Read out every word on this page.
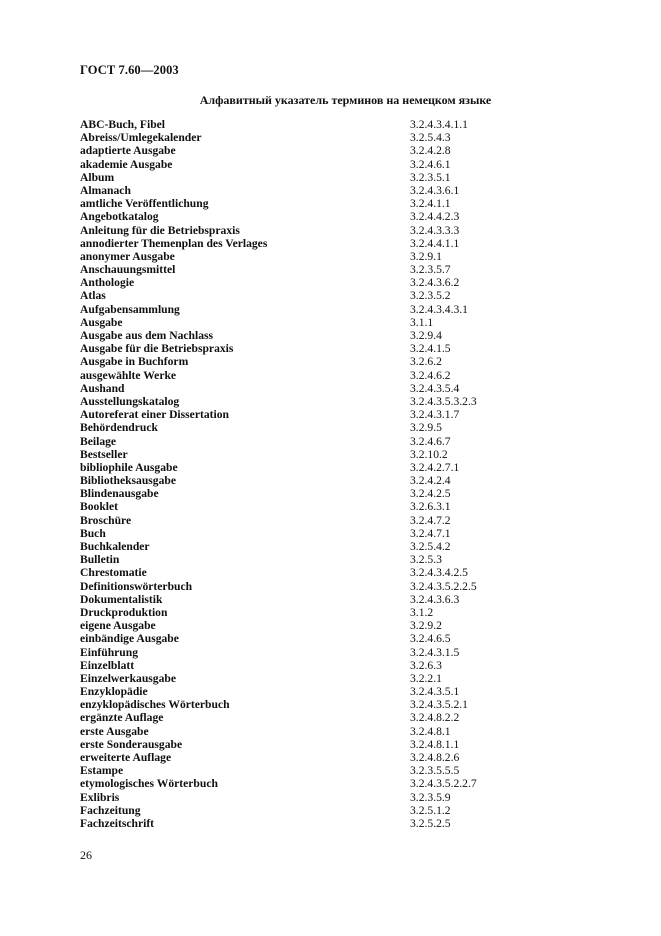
ГОСТ 7.60—2003
Алфавитный указатель терминов на немецком языке
ABC-Buch, Fibel	3.2.4.3.4.1.1
Abreiss/Umlegekalender	3.2.5.4.3
adaptierte Ausgabe	3.2.4.2.8
akademie Ausgabe	3.2.4.6.1
Album	3.2.3.5.1
Almanach	3.2.4.3.6.1
amtliche Veröffentlichung	3.2.4.1.1
Angebotkatalog	3.2.4.4.2.3
Anleitung für die Betriebspraxis	3.2.4.3.3.3
annodierter Themenplan des Verlages	3.2.4.4.1.1
anonymer Ausgabe	3.2.9.1
Anschauungsmittel	3.2.3.5.7
Anthologie	3.2.4.3.6.2
Atlas	3.2.3.5.2
Aufgabensammlung	3.2.4.3.4.3.1
Ausgabe	3.1.1
Ausgabe aus dem Nachlass	3.2.9.4
Ausgabe für die Betriebspraxis	3.2.4.1.5
Ausgabe in Buchform	3.2.6.2
ausgewählte Werke	3.2.4.6.2
Aushand	3.2.4.3.5.4
Ausstellungskatalog	3.2.4.3.5.3.2.3
Autoreferat einer Dissertation	3.2.4.3.1.7
Behördendruck	3.2.9.5
Beilage	3.2.4.6.7
Bestseller	3.2.10.2
bibliophile Ausgabe	3.2.4.2.7.1
Bibliotheksausgabe	3.2.4.2.4
Blindenausgabe	3.2.4.2.5
Booklet	3.2.6.3.1
Broschüre	3.2.4.7.2
Buch	3.2.4.7.1
Buchkalender	3.2.5.4.2
Bulletin	3.2.5.3
Chrestomatie	3.2.4.3.4.2.5
Definitionswörterbuch	3.2.4.3.5.2.2.5
Dokumentalistik	3.2.4.3.6.3
Druckproduktion	3.1.2
eigene Ausgabe	3.2.9.2
einbändige Ausgabe	3.2.4.6.5
Einführung	3.2.4.3.1.5
Einzelblatt	3.2.6.3
Einzelwerkausgabe	3.2.2.1
Enzyklopädie	3.2.4.3.5.1
enzyklopädisches Wörterbuch	3.2.4.3.5.2.1
ergänzte Auflage	3.2.4.8.2.2
erste Ausgabe	3.2.4.8.1
erste Sonderausgabe	3.2.4.8.1.1
erweiterte Auflage	3.2.4.8.2.6
Estampe	3.2.3.5.5.5
etymologisches Wörterbuch	3.2.4.3.5.2.2.7
Exlibris	3.2.3.5.9
Fachzeitung	3.2.5.1.2
Fachzeitschrift	3.2.5.2.5
26
